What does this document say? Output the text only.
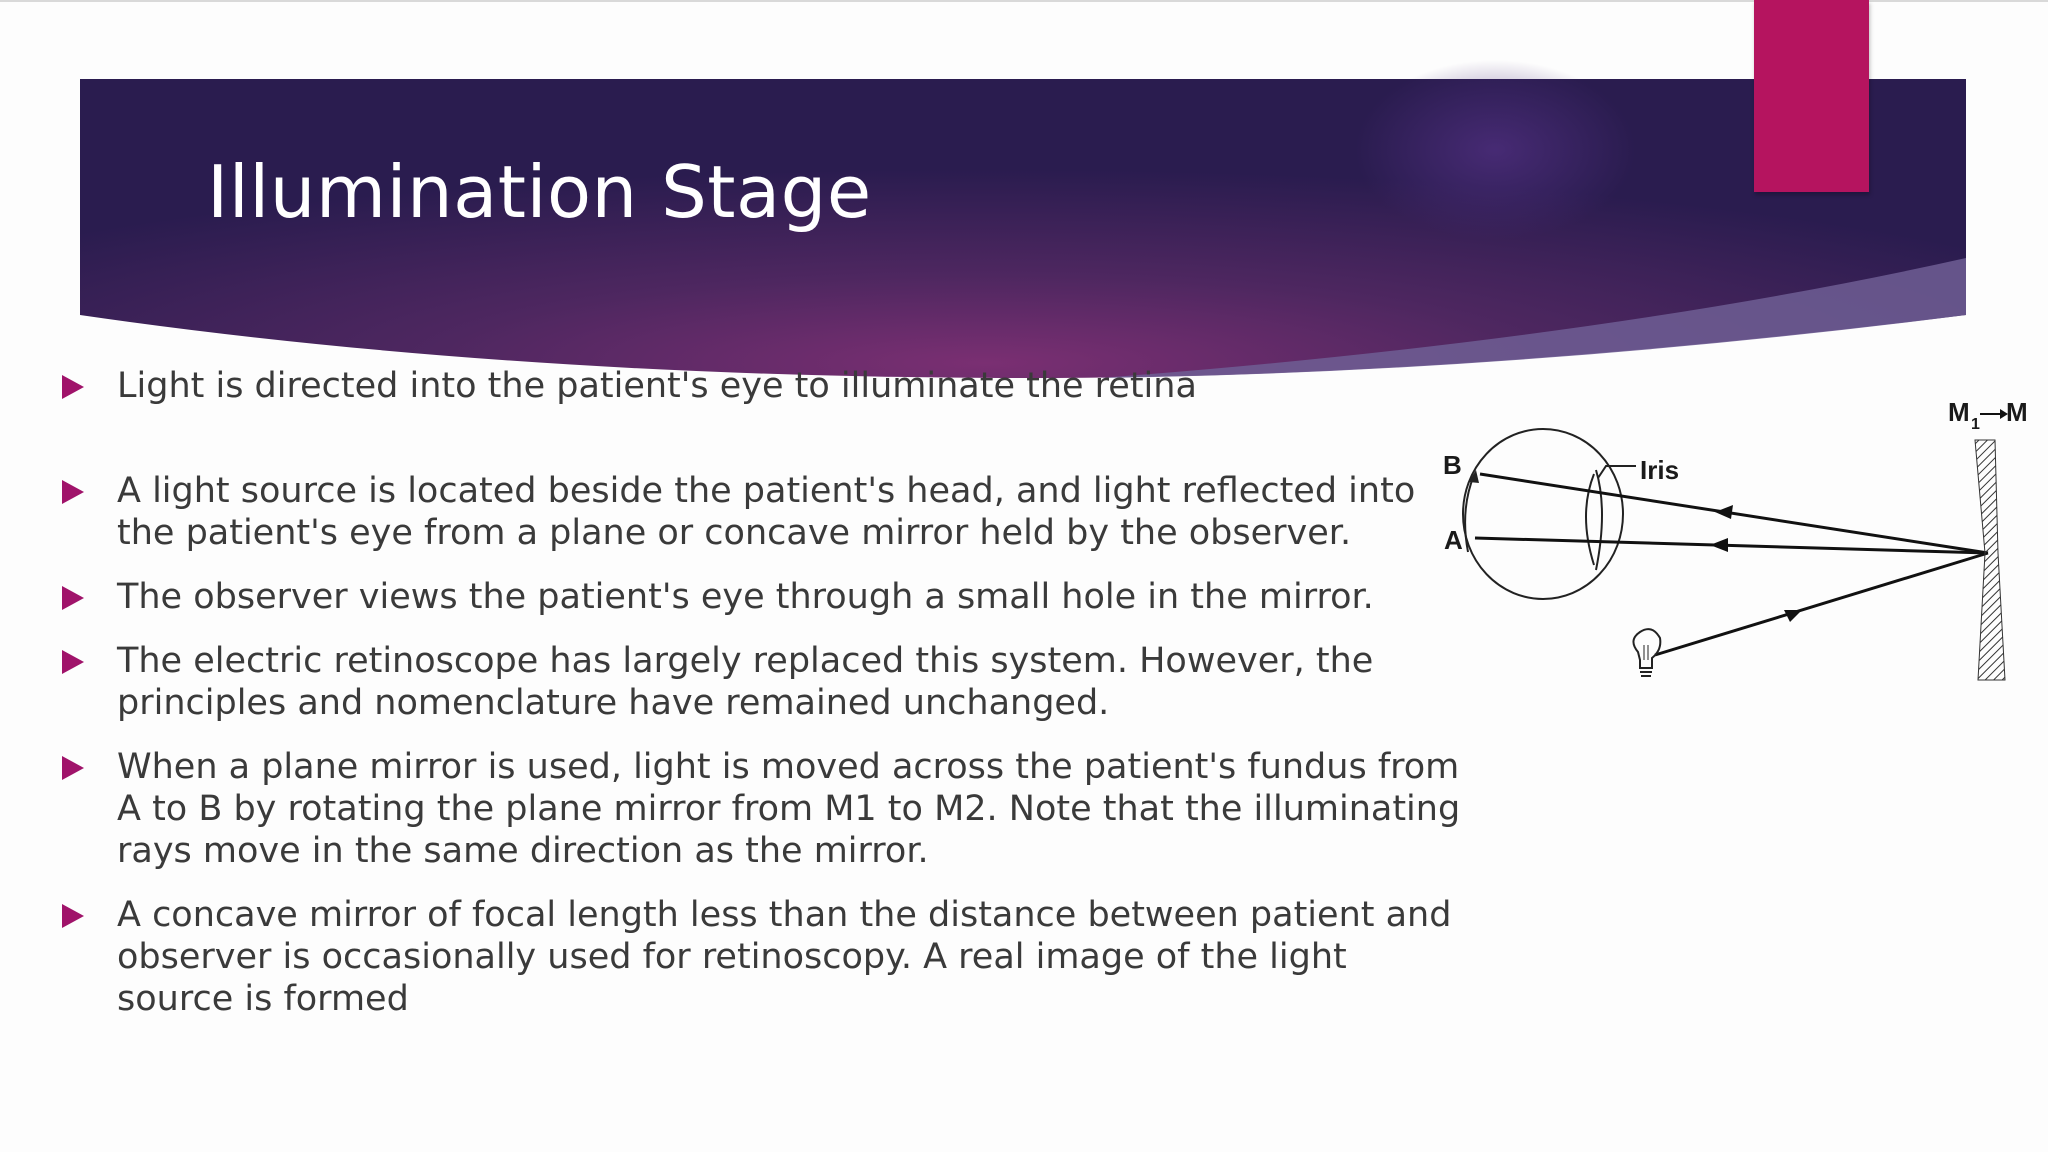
Illumination Stage
Light is directed into the patient's eye to illuminate the retina
A light source is located beside the patient's head, and light reflected into the patient's eye from a plane or concave mirror held by the observer.
The observer views the patient's eye through a small hole in the mirror.
The electric retinoscope has largely replaced this system. However, the principles and nomenclature have remained unchanged.
When a plane mirror is used, light is moved across the patient's fundus from A to B by rotating the plane mirror from M1 to M2. Note that the illuminating rays move in the same direction as the mirror.
A concave mirror of focal length less than the distance between patient and observer is occasionally used for retinoscopy. A real image of the light source is formed
B
A
Iris
M 1 M
